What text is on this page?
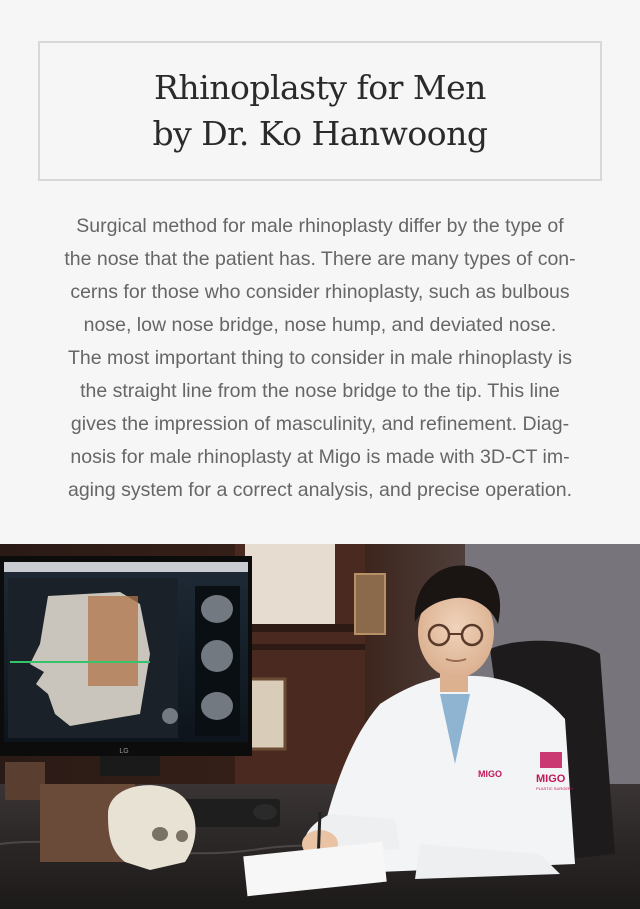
Rhinoplasty for Men
by Dr. Ko Hanwoong
Surgical method for male rhinoplasty differ by the type of
the nose that the patient has. There are many types of con-
cerns for those who consider rhinoplasty, such as bulbous
nose, low nose bridge, nose hump, and deviated nose.
The most important thing to consider in male rhinoplasty is
the straight line from the nose bridge to the tip. This line
gives the impression of masculinity, and refinement. Diag-
nosis for male rhinoplasty at Migo is made with 3D-CT im-
aging system for a correct analysis, and precise operation.
LG
MIGO	MIGO
PLASTIC SURGERY
